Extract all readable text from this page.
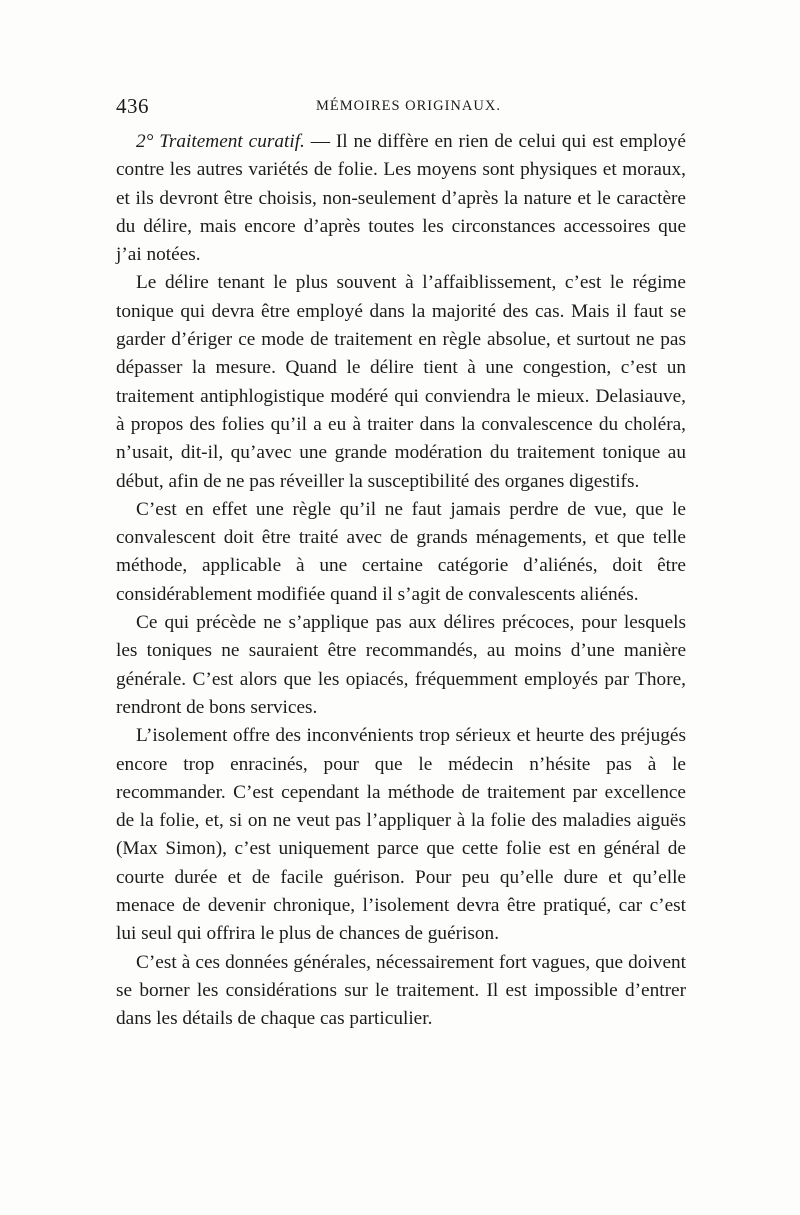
436	MÉMOIRES ORIGINAUX.

2° Traitement curatif. — Il ne diffère en rien de celui qui est employé contre les autres variétés de folie. Les moyens sont physiques et moraux, et ils devront être choisis, non-seulement d’après la nature et le caractère du délire, mais encore d’après toutes les circonstances accessoires que j’ai notées.

Le délire tenant le plus souvent à l’affaiblissement, c’est le régime tonique qui devra être employé dans la majorité des cas. Mais il faut se garder d’ériger ce mode de traitement en règle absolue, et surtout ne pas dépasser la mesure. Quand le délire tient à une congestion, c’est un traitement antiphlogistique modéré qui conviendra le mieux. Delasiauve, à propos des folies qu’il a eu à traiter dans la convalescence du choléra, n’usait, dit-il, qu’avec une grande modération du traitement tonique au début, afin de ne pas réveiller la susceptibilité des organes digestifs.

C’est en effet une règle qu’il ne faut jamais perdre de vue, que le convalescent doit être traité avec de grands ménagements, et que telle méthode, applicable à une certaine catégorie d’aliénés, doit être considérablement modifiée quand il s’agit de convalescents aliénés.

Ce qui précède ne s’applique pas aux délires précoces, pour lesquels les toniques ne sauraient être recommandés, au moins d’une manière générale. C’est alors que les opiacés, fréquemment employés par Thore, rendront de bons services.

L’isolement offre des inconvénients trop sérieux et heurte des préjugés encore trop enracinés, pour que le médecin n’hésite pas à le recommander. C’est cependant la méthode de traitement par excellence de la folie, et, si on ne veut pas l’appliquer à la folie des maladies aiguës (Max Simon), c’est uniquement parce que cette folie est en général de courte durée et de facile guérison. Pour peu qu’elle dure et qu’elle menace de devenir chronique, l’isolement devra être pratiqué, car c’est lui seul qui offrira le plus de chances de guérison.

C’est à ces données générales, nécessairement fort vagues, que doivent se borner les considérations sur le traitement. Il est impossible d’entrer dans les détails de chaque cas particulier.
